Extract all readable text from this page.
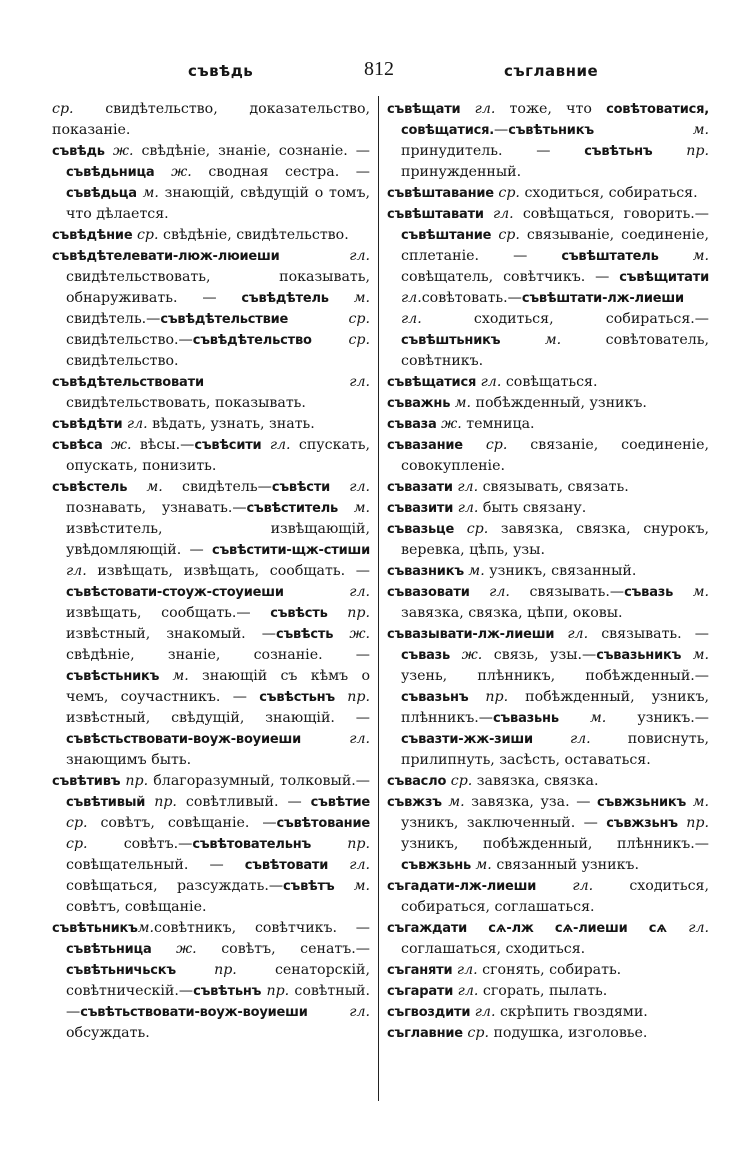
съвѣдь	812	съглавние

ср. свидѣтельство, доказательство, показаніе.

съвѣдь ж. свѣдѣніе, знаніе, сознаніе. — съвѣдьница ж. сводная сестра. — съвѣдьца м. знающій, свѣдущій о томъ, что дѣлается.

съвѣдѣние ср. свѣдѣніе, свидѣтельство.

съвѣдѣтелевати-люж-люиеши гл. свидѣтельствовать, показывать, обнаруживать. — съвѣдѣтель м. свидѣтель.—съвѣдѣтельствие ср. свидѣтельство.—съвѣдѣтельство ср. свидѣтельство.

съвѣдѣтельствовати гл. свидѣтельствовать, показывать.

съвѣдѣти гл. вѣдать, узнать, знать.

съвѣса ж. вѣсы.—съвѣсити гл. спускать, опускать, понизить.

съвѣстель м. свидѣтель—съвѣсти гл. познавать, узнавать.—съвѣститель м. извѣститель, извѣщающій, увѣдомляющій. — съвѣстити-щж-стиши гл. извѣщать, извѣщать, сообщать. — съвѣстовати-стоуж-стоуиеши гл. извѣщать, сообщать.— съвѣсть пр. извѣстный, знакомый. —съвѣсть ж. свѣдѣніе, знаніе, сознаніе. — съвѣстьникъ м. знающій съ кѣмъ о чемъ, соучастникъ. — съвѣстьнъ пр. извѣстный, свѣдущій, знающій. — съвѣстьствовати-воуж-воуиеши гл. знающимъ быть.

съвѣтивъ пр. благоразумный, толковый.—съвѣтивый пр. совѣтливый. — съвѣтие ср. совѣтъ, совѣщаніе. —съвѣтование ср. совѣтъ.—съвѣтовательнъ пр. совѣщательный. — съвѣтовати гл. совѣщаться, разсуждать.—съвѣтъ м. совѣтъ, совѣщаніе.

съвѣтьникъм.совѣтникъ, совѣтчикъ. —съвѣтьница ж. совѣтъ, сенатъ.— съвѣтьничьскъ пр. сенаторскій, совѣтническій.—съвѣтьнъ пр. совѣтный.—съвѣтьствовати-воуж-воуиеши гл. обсуждать.

съвѣщати гл. тоже, что совѣтоватися, совѣщатися.—съвѣтьникъ м. принудитель. — съвѣтьнъ пр. принужденный.

съвѣштавание ср. сходиться, собираться.

съвѣштавати гл. совѣщаться, говорить.—съвѣштание ср. связываніе, соединеніе, сплетаніе. — съвѣштатель м. совѣщатель, совѣтчикъ. — съвѣщитати гл.совѣтовать.—съвѣштати-лж-лиеши гл. сходиться, собираться.—съвѣштьникъ м. совѣтователь, совѣтникъ.

съвѣщатися гл. совѣщаться.

съважнь м. побѣжденный, узникъ.

съваза ж. темница.

съвазание ср. связаніе, соединеніе, совокупленіе.

съвазати гл. связывать, связать.

съвазити гл. быть связану.

съвазьце ср. завязка, связка, снурокъ, веревка, цѣпь, узы.

съвазникъ м. узникъ, связанный.

съвазовати гл. связывать.—съвазь м. завязка, связка, цѣпи, оковы.

съвазывати-лж-лиеши гл. связывать. —съвазь ж. связь, узы.—съвазьникъ м. узень, плѣнникъ, побѣжденный.—съвазьнъ пр. побѣжденный, узникъ, плѣнникъ.—съвазьнь м. узникъ.—съвазти-жж-зиши гл. повиснуть, прилипнуть, засѣсть, оставаться.

съвасло ср. завязка, связка.

съвжзъ м. завязка, уза. — съвжзьникъ м. узникъ, заключенный. — съвжзьнъ пр. узникъ, побѣжденный, плѣнникъ.—съвжзьнь м. связанный узникъ.

съгадати-лж-лиеши гл. сходиться, собираться, соглашаться.

съгаждати сѧ-лж сѧ-лиеши сѧ гл. соглашаться, сходиться.

съганяти гл. сгонять, собирать.

съгарати гл. сгорать, пылать.

съгвоздити гл. скрѣпить гвоздями.

съглавние ср. подушка, изголовье.
